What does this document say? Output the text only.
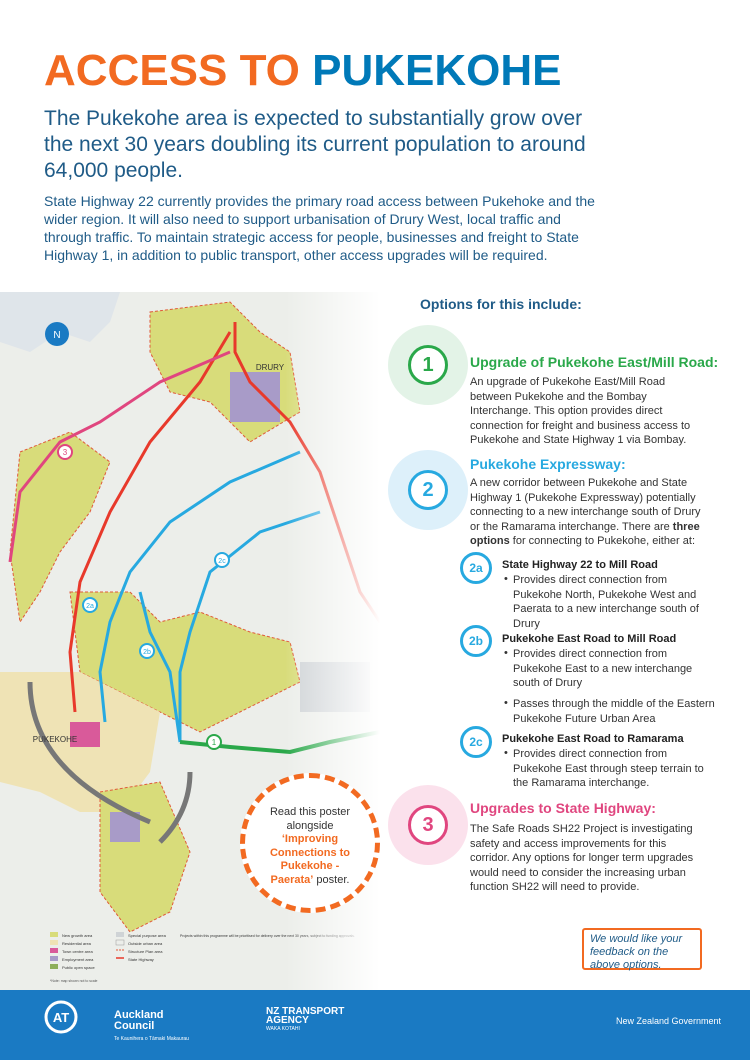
ACCESS TO PUKEKOHE
The Pukekohe area is expected to substantially grow over the next 30 years doubling its current population to around 64,000 people.
State Highway 22 currently provides the primary road access between Pukehoke and the wider region. It will also need to support urbanisation of Drury West, local traffic and through traffic. To maintain strategic access for people, businesses and freight to State Highway 1, in addition to public transport, other access upgrades will be required.
Options for this include:
1	Upgrade of Pukekohe East/Mill Road:
An upgrade of Pukekohe East/Mill Road between Pukekohe and the Bombay Interchange. This option provides direct connection for freight and business access to Pukekohe and State Highway 1 via Bombay.
2
Pukekohe Expressway:
A new corridor between Pukekohe and State Highway 1 (Pukekohe Expressway) potentially connecting to a new interchange south of Drury or the Ramarama interchange. There are three options for connecting to Pukekohe, either at:
2a	State Highway 22 to Mill Road
• Provides direct connection from Pukekohe North, Pukekohe West and Paerata to a new interchange south of Drury
2b	Pukekohe East Road to Mill Road
• Provides direct connection from Pukekohe East to a new interchange south of Drury
• Passes through the middle of the Eastern Pukekohe Future Urban Area
2c	Pukekohe East Road to Ramarama
• Provides direct connection from Pukekohe East through steep terrain to the Ramarama interchange.
3
Upgrades to State Highway:
The Safe Roads SH22 Project is investigating safety and access improvements for this corridor. Any options for longer term upgrades would need to consider the increasing urban function SH22 will need to provide.
Read this poster alongside ‘Improving Connections to Pukekohe - Paerata’ poster.
We would like your feedback on the above options.
AT	Auckland Council
Te Kaunihera o Tāmaki Makaurau
NZ TRANSPORT
AGENCY
WAKA KOTAHI
New Zealand Government
